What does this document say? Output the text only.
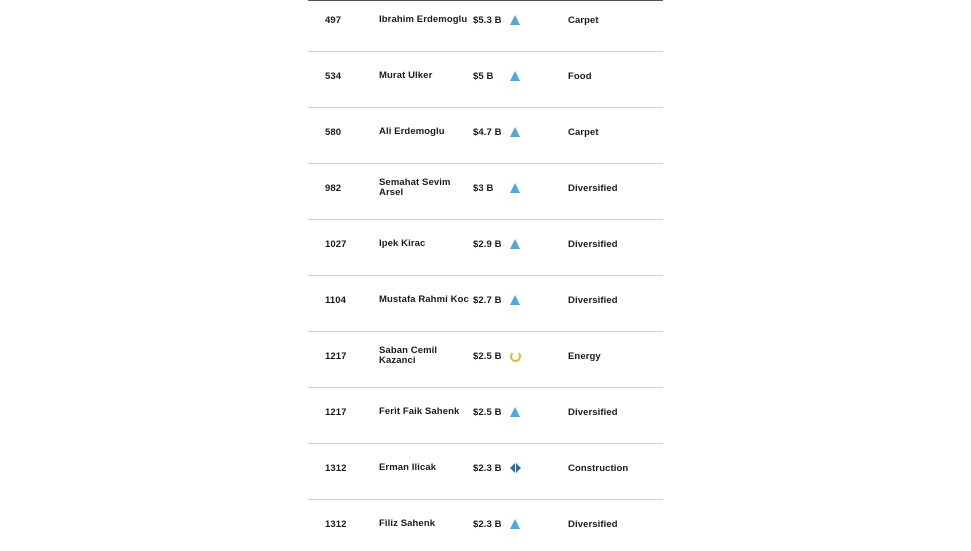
497	Ibrahim Erdemoglu $5.3 B	Carpet
534	Murat Ulker	$5 B	Food
580	Ali Erdemoglu	$4.7 B	Carpet
982	Semahat Sevim Arsel	$3 B	Diversified
1027	Ipek Kirac	$2.9 B	Diversified
1104	Mustafa Rahmi Koc $2.7 B	Diversified
1217	Saban Cemil Kazanci	$2.5 B	Energy
1217	Ferit Faik Sahenk	$2.5 B	Diversified
1312	Erman Ilicak	$2.3 B	Construction
1312	Filiz Sahenk	$2.3 B	Diversified
